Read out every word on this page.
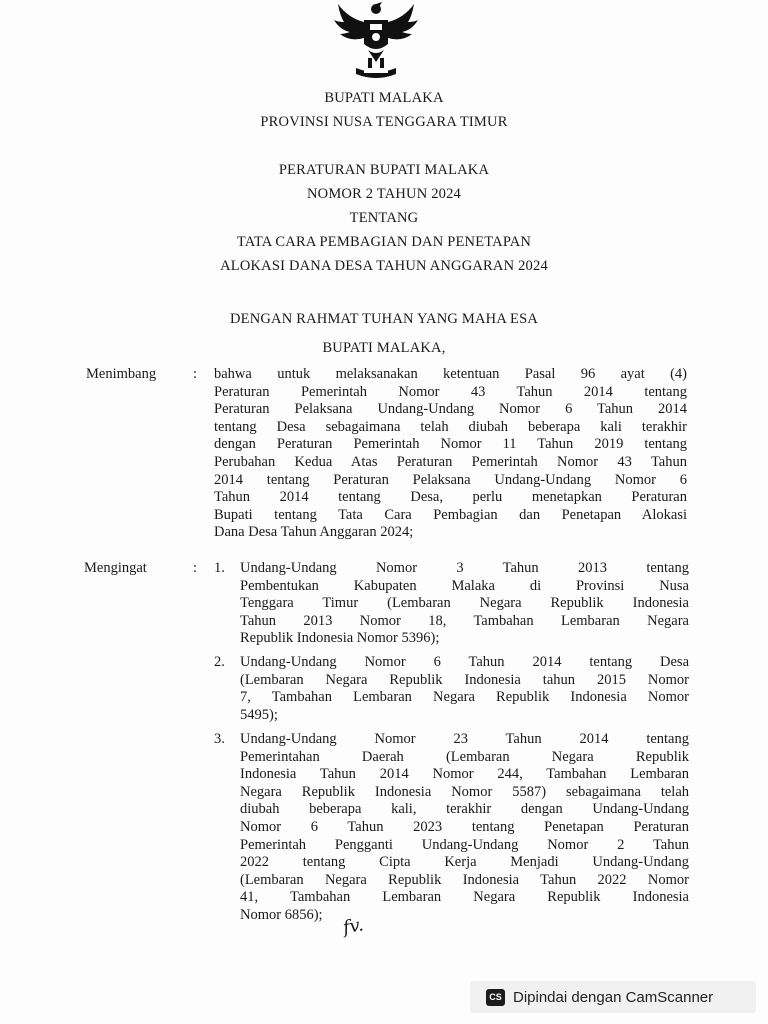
BUPATI MALAKA
PROVINSI NUSA TENGGARA TIMUR
PERATURAN BUPATI MALAKA
NOMOR 2 TAHUN 2024
TENTANG
TATA CARA PEMBAGIAN DAN PENETAPAN
ALOKASI DANA DESA TAHUN ANGGARAN 2024
DENGAN RAHMAT TUHAN YANG MAHA ESA
BUPATI MALAKA,
Menimbang	: bahwa untuk melaksanakan ketentuan Pasal 96 ayat (4)
Peraturan Pemerintah Nomor 43 Tahun 2014 tentang
Peraturan Pelaksana Undang-Undang Nomor 6 Tahun 2014
tentang Desa sebagaimana telah diubah beberapa kali terakhir
dengan Peraturan Pemerintah Nomor 11 Tahun 2019 tentang
Perubahan Kedua Atas Peraturan Pemerintah Nomor 43 Tahun
2014 tentang Peraturan Pelaksana Undang-Undang Nomor 6
Tahun 2014 tentang Desa, perlu menetapkan Peraturan
Bupati tentang Tata Cara Pembagian dan Penetapan Alokasi
Dana Desa Tahun Anggaran 2024;
Mengingat	: 1. Undang-Undang Nomor 3 Tahun 2013 tentang
Pembentukan Kabupaten Malaka di Provinsi Nusa
Tenggara Timur (Lembaran Negara Republik Indonesia
Tahun 2013 Nomor 18, Tambahan Lembaran Negara
Republik Indonesia Nomor 5396);
2. Undang-Undang Nomor 6 Tahun 2014 tentang Desa
(Lembaran Negara Republik Indonesia tahun 2015 Nomor
7, Tambahan Lembaran Negara Republik Indonesia Nomor
5495);
3. Undang-Undang Nomor 23 Tahun 2014 tentang
Pemerintahan Daerah (Lembaran Negara Republik
Indonesia Tahun 2014 Nomor 244, Tambahan Lembaran
Negara Republik Indonesia Nomor 5587) sebagaimana telah
diubah beberapa kali, terakhir dengan Undang-Undang
Nomor 6 Tahun 2023 tentang Penetapan Peraturan
Pemerintah Pengganti Undang-Undang Nomor 2 Tahun
2022 tentang Cipta Kerja Menjadi Undang-Undang
(Lembaran Negara Republik Indonesia Tahun 2022 Nomor
41, Tambahan Lembaran Negara Republik Indonesia
Nomor 6856);	fv.
CS Dipindai dengan CamScanner
